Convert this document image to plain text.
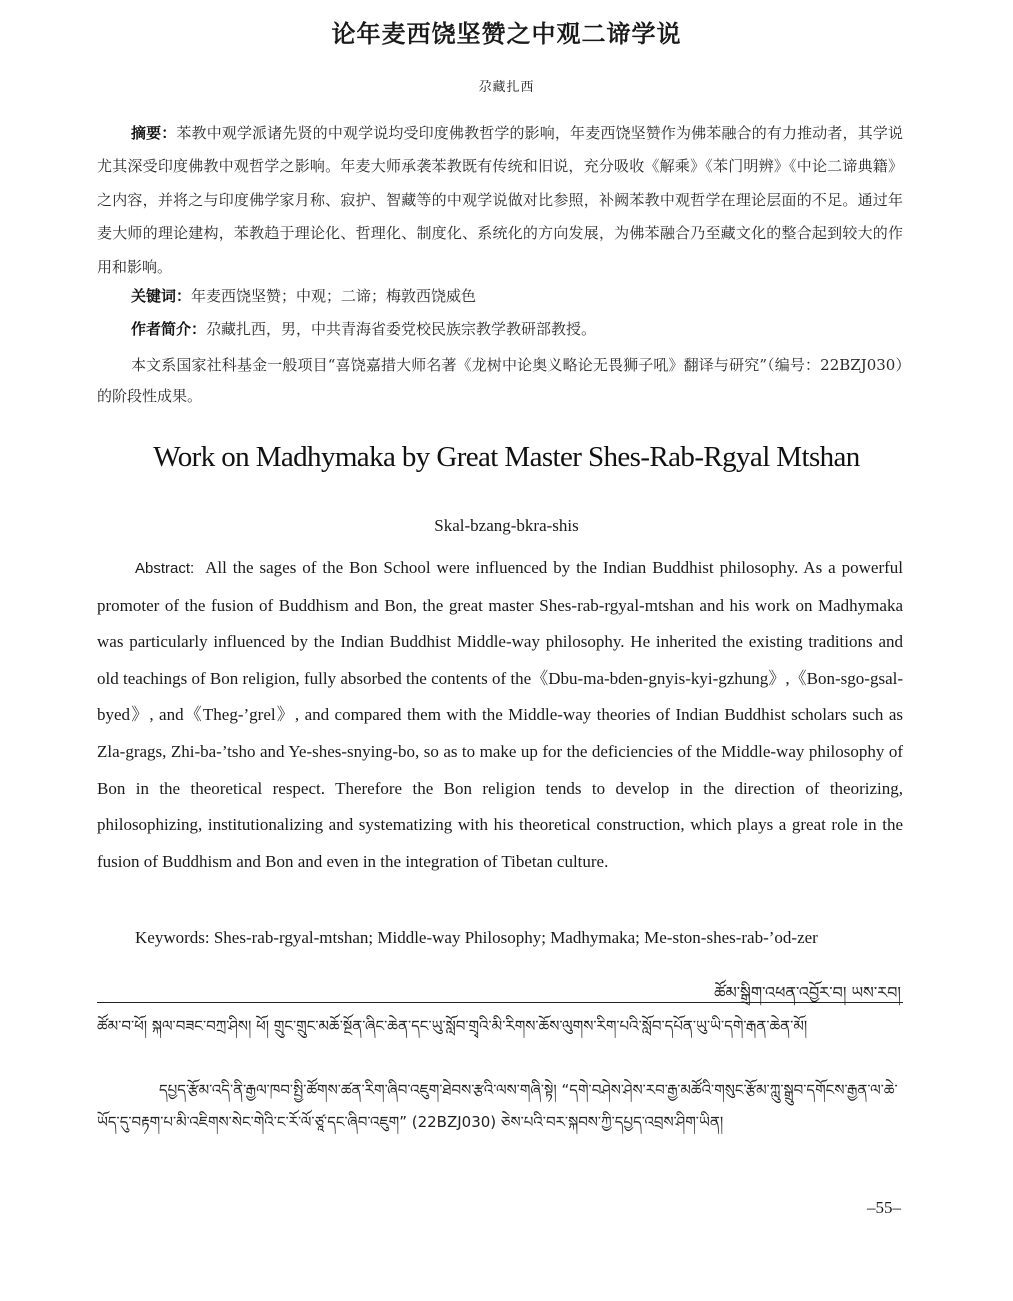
论年麦西饶坚赞之中观二谛学说
尕藏扎西
摘要：苯教中观学派诸先贤的中观学说均受印度佛教哲学的影响，年麦西饶坚赞作为佛苯融合的有力推动者，其学说尤其深受印度佛教中观哲学之影响。年麦大师承袭苯教既有传统和旧说，充分吸收《解乘》《苯门明辨》《中论二谛典籍》之内容，并将之与印度佛学家月称、寂护、智藏等的中观学说做对比参照，补阙苯教中观哲学在理论层面的不足。通过年麦大师的理论建构，苯教趋于理论化、哲理化、制度化、系统化的方向发展，为佛苯融合乃至藏文化的整合起到较大的作用和影响。
关键词：年麦西饶坚赞；中观；二谛；梅敦西饶威色
作者简介：尕藏扎西，男，中共青海省委党校民族宗教学教研部教授。
本文系国家社科基金一般项目“喜饶嘉措大师名著《龙树中论奥义略论无畏狮子吼》翻译与研究”（编号：22BZJ030）的阶段性成果。
Work on Madhymaka by Great Master Shes-Rab-Rgyal Mtshan
Skal-bzang-bkra-shis
Abstract: All the sages of the Bon School were influenced by the Indian Buddhist philosophy. As a powerful promoter of the fusion of Buddhism and Bon, the great master Shes-rab-rgyal-mtshan and his work on Madhymaka was particularly influenced by the Indian Buddhist Middle-way philosophy. He inherited the existing traditions and old teachings of Bon religion, fully absorbed the contents of the《Dbu-ma-bden-gnyis-kyi-gzhung》,《Bon-sgo-gsal-byed》, and《Theg-’grel》, and compared them with the Middle-way theories of Indian Buddhist scholars such as Zla-grags, Zhi-ba-’tsho and Ye-shes-snying-bo, so as to make up for the deficiencies of the Middle-way philosophy of Bon in the theoretical respect. Therefore the Bon religion tends to develop in the direction of theorizing, philosophizing, institutionalizing and systematizing with his theoretical construction, which plays a great role in the fusion of Buddhism and Bon and even in the integration of Tibetan culture.
Keywords: Shes-rab-rgyal-mtshan; Middle-way Philosophy; Madhymaka; Me-ston-shes-rab-’od-zer
ཚོམ་སྒྲིག་འཕན་འབྱོར་བ། ཡས་རབ།
ཚོམ་བ་ཕོ། སྐལ་བཟང་བཀྲ་ཤིས། ཕོ། གྲུང་གྲུང་མཆོ་སྔོན་ཞིང་ཆེན་དང་ཡུ་སློབ་གྲྭའི་མི་རིགས་ཆོས་ལུགས་རིག་པའི་སློབ་དཔོན་ཡུ་ཡི་དགེ་རྒན་ཆེན་མོ།
དཔྱད་རྩོམ་འདི་ནི་རྒྱལ་ཁབ་སྤྱི་ཚོགས་ཚན་རིག་ཞིབ་འཇུག་ཐེབས་རྩའི་ལས་གཞི་སྟེ། “དགེ་བཤེས་ཤེས་རབ་རྒྱ་མཚོའི་གསུང་རྩོམ་ཀླུ་སྒྲུབ་དགོངས་རྒྱན་ལ་ཆེ་ཡོད་དུ་བརྟག་པ་མི་འཇིགས་སེང་གེའི་ང་རོ་ལོ་ཙཱ་དང་ཞིབ་འཇུག” (22BZJ030) ཅེས་པའི་བར་སྐབས་ཀྱི་དཔྱད་འབྲས་ཤིག་ཡིན།
–55–
